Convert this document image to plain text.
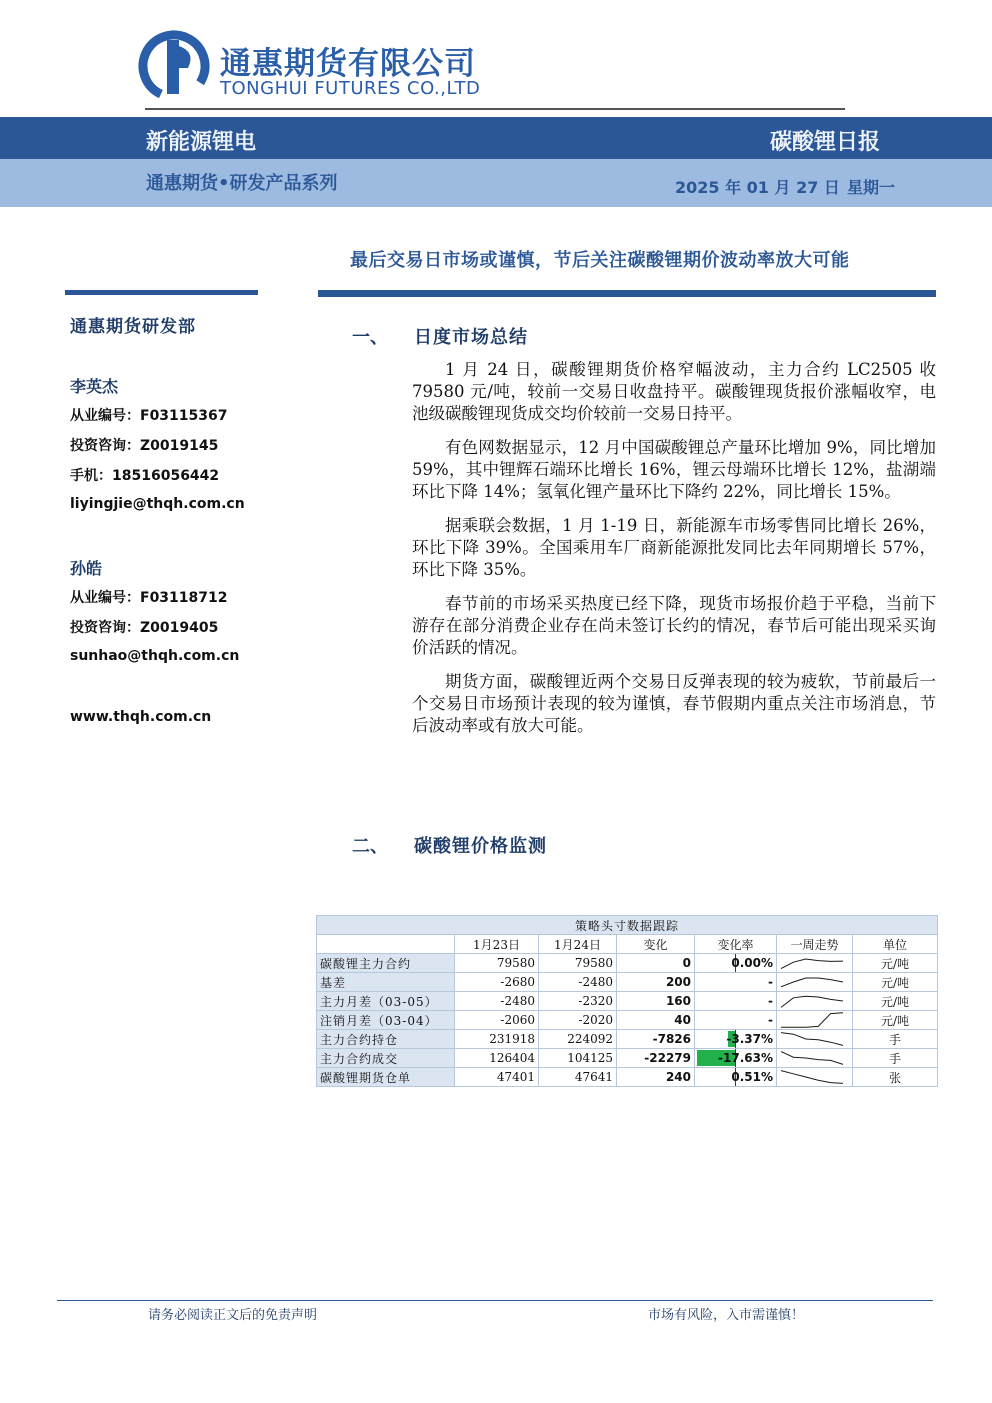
通惠期货有限公司
TONGHUI FUTURES CO.,LTD
新能源锂电	碳酸锂日报
通惠期货•研发产品系列	2025 年 01 月 27 日 星期一
最后交易日市场或谨慎，节后关注碳酸锂期价波动率放大可能
通惠期货研发部
李英杰
从业编号：F03115367
投资咨询：Z0019145
手机：18516056442
liyingjie@thqh.com.cn
孙皓
从业编号：F03118712
投资咨询：Z0019405
sunhao@thqh.com.cn
www.thqh.com.cn
一、 日度市场总结

1 月 24 日，碳酸锂期货价格窄幅波动，主力合约 LC2505 收 79580 元/吨，较前一交易日收盘持平。碳酸锂现货报价涨幅收窄，电池级碳酸锂现货成交均价较前一交易日持平。

有色网数据显示，12 月中国碳酸锂总产量环比增加 9%，同比增加 59%，其中锂辉石端环比增长 16%，锂云母端环比增长 12%，盐湖端环比下降 14%；氢氧化锂产量环比下降约 22%，同比增长 15%。

据乘联会数据，1 月 1-19 日，新能源车市场零售同比增长 26%，环比下降 39%。全国乘用车厂商新能源批发同比去年同期增长 57%，环比下降 35%。

春节前的市场采买热度已经下降，现货市场报价趋于平稳，当前下游存在部分消费企业存在尚未签订长约的情况，春节后可能出现采买询价活跃的情况。

期货方面，碳酸锂近两个交易日反弹表现的较为疲软，节前最后一个交易日市场预计表现的较为谨慎，春节假期内重点关注市场消息，节后波动率或有放大可能。

二、 碳酸锂价格监测
策略头寸数据跟踪						
	1月23日	1月24日	变化	变化率	一周走势	单位
碳酸锂主力合约	79580	79580	0	0.00%		元/吨
基差	-2680	-2480	200	-		元/吨
主力月差（03-05）	-2480	-2320	160	-		元/吨
注销月差（03-04）	-2060	-2020	40	-		元/吨
主力合约持仓	231918	224092	-7826	-3.37%		手
主力合约成交	126404	104125	-22279	-17.63%		手
碳酸锂期货仓单	47401	47641	240	0.51%		张
请务必阅读正文后的免责声明	市场有风险，入市需谨慎！
